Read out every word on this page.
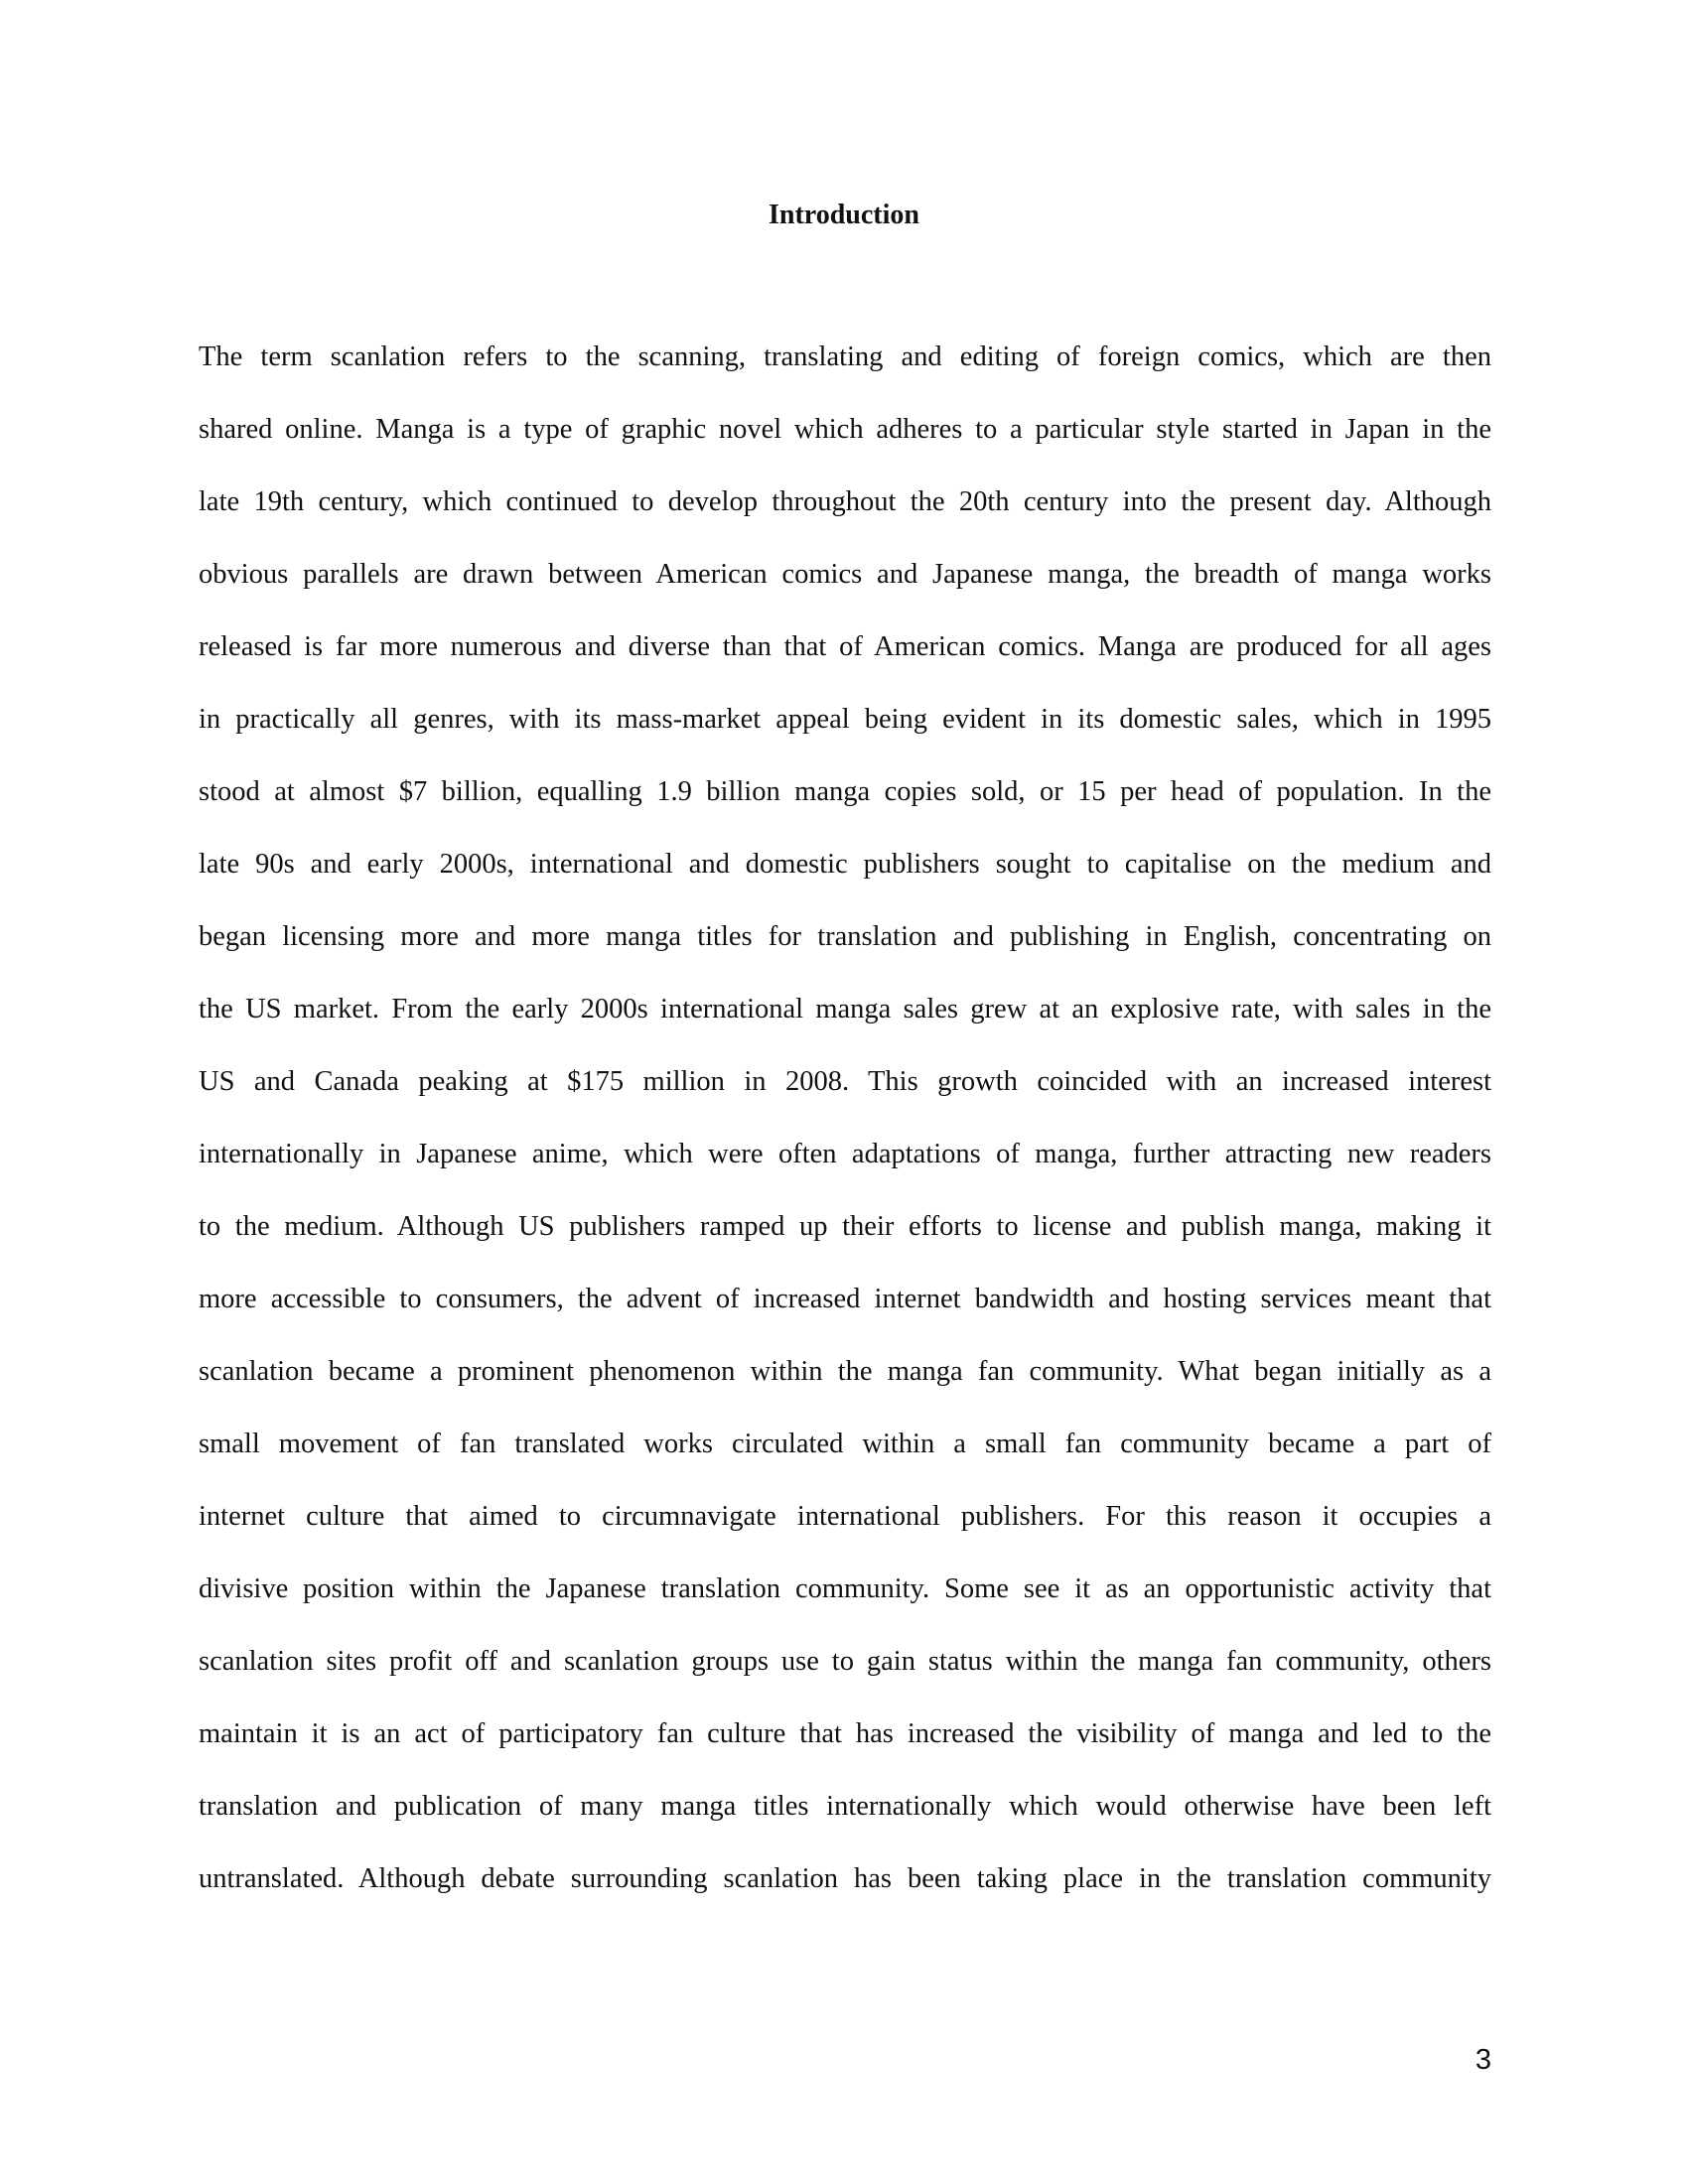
Introduction
The term scanlation refers to the scanning, translating and editing of foreign comics, which are then
shared online. Manga is a type of graphic novel which adheres to a particular style started in Japan in the
late 19th century, which continued to develop throughout the 20th century into the present day. Although
obvious parallels are drawn between American comics and Japanese manga, the breadth of manga works
released is far more numerous and diverse than that of American comics. Manga are produced for all ages
in practically all genres, with its mass-market appeal being evident in its domestic sales, which in 1995
stood at almost $7 billion, equalling 1.9 billion manga copies sold, or 15 per head of population. In the
late 90s and early 2000s, international and domestic publishers sought to capitalise on the medium and
began licensing more and more manga titles for translation and publishing in English, concentrating on
the US market. From the early 2000s international manga sales grew at an explosive rate, with sales in the
US and Canada peaking at $175 million in 2008. This growth coincided with an increased interest
internationally in Japanese anime, which were often adaptations of manga, further attracting new readers
to the medium. Although US publishers ramped up their efforts to license and publish manga, making it
more accessible to consumers, the advent of increased internet bandwidth and hosting services meant that
scanlation became a prominent phenomenon within the manga fan community. What began initially as a
small movement of fan translated works circulated within a small fan community became a part of
internet culture that aimed to circumnavigate international publishers. For this reason it occupies a
divisive position within the Japanese translation community. Some see it as an opportunistic activity that
scanlation sites profit off and scanlation groups use to gain status within the manga fan community, others
maintain it is an act of participatory fan culture that has increased the visibility of manga and led to the
translation and publication of many manga titles internationally which would otherwise have been left
untranslated. Although debate surrounding scanlation has been taking place in the translation community
3
